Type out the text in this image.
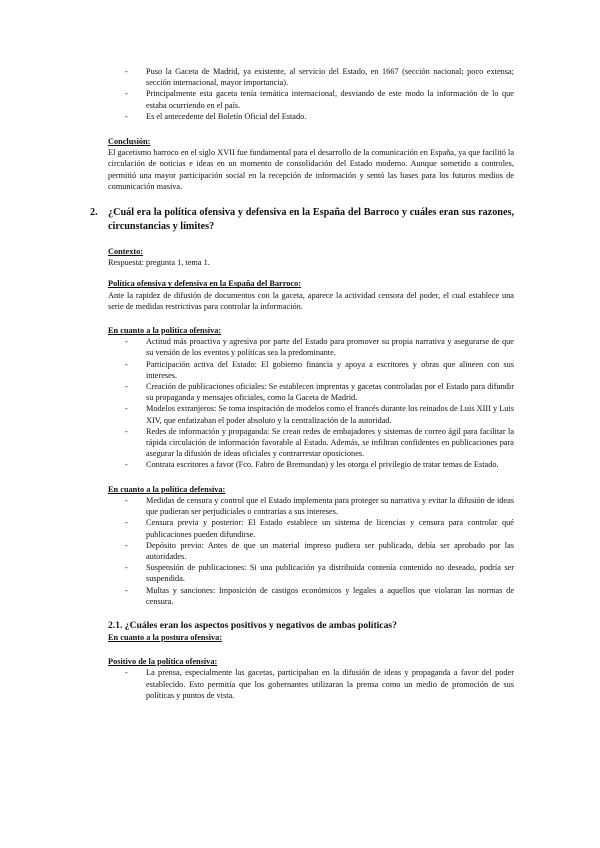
- Puso la Gaceta de Madrid, ya existente, al servicio del Estado, en 1667 (sección nacional; poco extensa; sección internacional, mayor importancia).
- Principalmente esta gaceta tenía temática internacional, desviando de este modo la información de lo que estaba ocurriendo en el país.
- Es el antecedente del Boletín Oficial del Estado.

Conclusión:

El gacetismo barroco en el siglo XVII fue fundamental para el desarrollo de la comunicación en España, ya que facilitó la circulación de noticias e ideas en un momento de consolidación del Estado moderno. Aunque sometido a controles, permitió una mayor participación social en la recepción de información y sentó las bases para los futuros medios de comunicación masiva.

2. ¿Cuál era la política ofensiva y defensiva en la España del Barroco y cuáles eran sus razones, circunstancias y límites?

Contexto:

Respuesta: pregunta 1, tema 1.

Política ofensiva y defensiva en la España del Barroco:

Ante la rapidez de difusión de documentos con la gaceta, aparece la actividad censora del poder, el cual establece una serie de medidas restrictivas para controlar la información.

En cuanto a la política ofensiva:

- Actitud más proactiva y agresiva por parte del Estado para promover su propia narrativa y asegurarse de que su versión de los eventos y políticas sea la predominante.
- Participación activa del Estado: El gobierno financia y apoya a escritores y obras que alineen con sus intereses.
- Creación de publicaciones oficiales: Se establecen imprentas y gacetas controladas por el Estado para difundir su propaganda y mensajes oficiales, como la Gaceta de Madrid.
- Modelos extranjeros: Se toma inspiración de modelos como el francés durante los reinados de Luis XIII y Luis XIV, que enfatizaban el poder absoluto y la centralización de la autoridad.
- Redes de información y propaganda: Se crean redes de embajadores y sistemas de correo ágil para facilitar la rápida circulación de información favorable al Estado. Además, se infiltran confidentes en publicaciones para asegurar la difusión de ideas oficiales y contrarrestar oposiciones.
- Contrata escritores a favor (Fco. Fabro de Bremundan) y les otorga el privilegio de tratar temas de Estado.

En cuanto a la política defensiva:

- Medidas de censura y control que el Estado implementa para proteger su narrativa y evitar la difusión de ideas que pudieran ser perjudiciales o contrarias a sus intereses.
- Censura previa y posterior: El Estado establece un sistema de licencias y censura para controlar qué publicaciones pueden difundirse.
- Depósito previo: Antes de que un material impreso pudiera ser publicado, debía ser aprobado por las autoridades.
- Suspensión de publicaciones: Si una publicación ya distribuida contenía contenido no deseado, podría ser suspendida.
- Multas y sanciones: Imposición de castigos económicos y legales a aquellos que violaran las normas de censura.

2.1. ¿Cuáles eran los aspectos positivos y negativos de ambas políticas?

En cuanto a la postura ofensiva:

Positivo de la política ofensiva:

- La prensa, especialmente las gacetas, participaban en la difusión de ideas y propaganda a favor del poder establecido. Esto permitía que los gobernantes utilizaran la prensa como un medio de promoción de sus políticas y puntos de vista.
